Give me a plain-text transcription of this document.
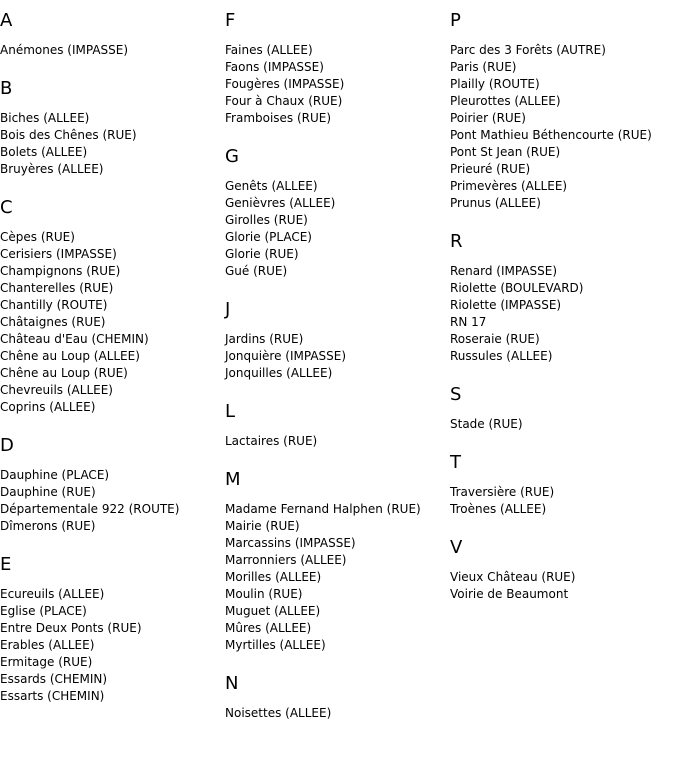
A
Anémones (IMPASSE)
B
Biches (ALLEE)
Bois des Chênes (RUE)
Bolets (ALLEE)
Bruyères (ALLEE)
C
Cèpes (RUE)
Cerisiers (IMPASSE)
Champignons (RUE)
Chanterelles (RUE)
Chantilly (ROUTE)
Châtaignes (RUE)
Château d'Eau (CHEMIN)
Chêne au Loup (ALLEE)
Chêne au Loup (RUE)
Chevreuils (ALLEE)
Coprins (ALLEE)
D
Dauphine (PLACE)
Dauphine (RUE)
Départementale 922 (ROUTE)
Dîmerons (RUE)
E
Ecureuils (ALLEE)
Eglise (PLACE)
Entre Deux Ponts (RUE)
Erables (ALLEE)
Ermitage (RUE)
Essards (CHEMIN)
Essarts (CHEMIN)
F
Faines (ALLEE)
Faons (IMPASSE)
Fougères (IMPASSE)
Four à Chaux (RUE)
Framboises (RUE)
G
Genêts (ALLEE)
Genièvres (ALLEE)
Girolles (RUE)
Glorie (PLACE)
Glorie (RUE)
Gué (RUE)
J
Jardins (RUE)
Jonquière (IMPASSE)
Jonquilles (ALLEE)
L
Lactaires (RUE)
M
Madame Fernand Halphen (RUE)
Mairie (RUE)
Marcassins (IMPASSE)
Marronniers (ALLEE)
Morilles (ALLEE)
Moulin (RUE)
Muguet (ALLEE)
Mûres (ALLEE)
Myrtilles (ALLEE)
N
Noisettes (ALLEE)
P
Parc des 3 Forêts (AUTRE)
Paris (RUE)
Plailly (ROUTE)
Pleurottes (ALLEE)
Poirier (RUE)
Pont Mathieu Béthencourte (RUE)
Pont St Jean (RUE)
Prieuré (RUE)
Primevères (ALLEE)
Prunus (ALLEE)
R
Renard (IMPASSE)
Riolette (BOULEVARD)
Riolette (IMPASSE)
RN 17
Roseraie (RUE)
Russules (ALLEE)
S
Stade (RUE)
T
Traversière (RUE)
Troènes (ALLEE)
V
Vieux Château (RUE)
Voirie de Beaumont
